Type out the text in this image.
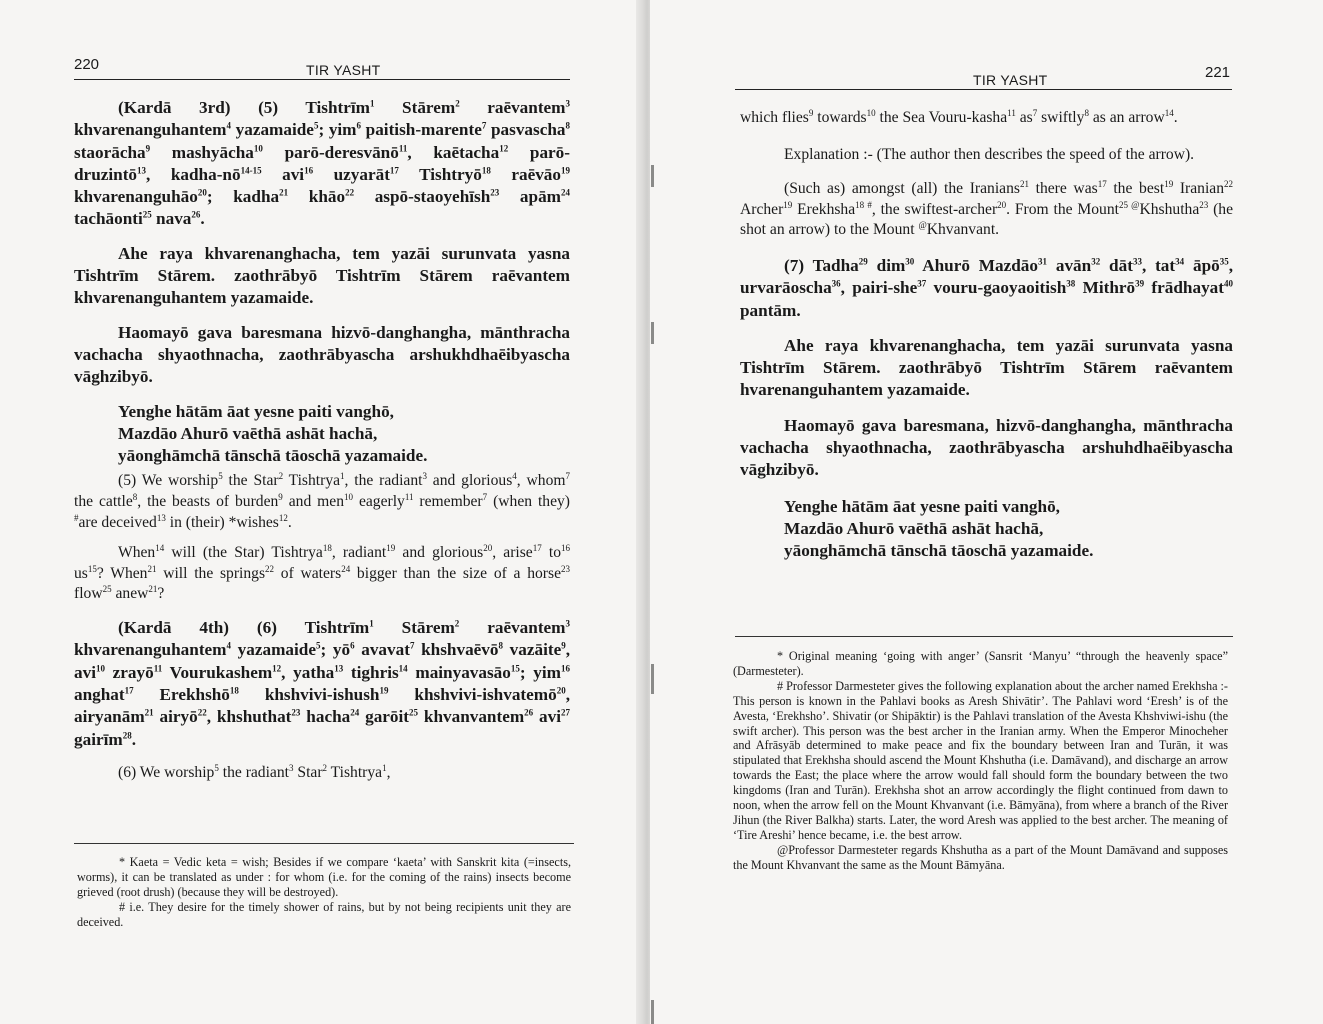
220	TIR YASHT

(Kardā 3rd) (5) Tishtrīm$^1$ Stārem$^2$ raēvantem$^3$ khvarenanguhantem$^4$ yazamaide$^5$; yim$^6$ paitish-marente$^7$ pasvascha$^8$ staorācha$^9$ mashyācha$^{10}$ parō-deresvānō$^{11}$, kaētacha$^{12}$ parō-druzintō$^{13}$, kadha-$nō^{14-15}$ avi$^{16}$ uzyarāt$^{17}$ Tishtryō$^{18}$ raēvāo$^{19}$ khvarenanguhāo$^{20}$; kadha$^{21}$ khāo$^{22}$ aspō-staoyehīsh$^{23}$ apām$^{24}$ tachāonti$^{25}$ nava$^{26}$.

Ahe raya khvarenanghacha, tem yazāi surunvata yasna Tishtrīm Stārem. zaothrābyō Tishtrīm Stārem raēvantem khvarenanguhantem yazamaide.

Haomayō gava baresmana hizvō-danghangha, mānthracha vachacha shyaothnacha, zaothrābyascha arshukhdhaēibyascha vāghzibyō.

Yenghe hātām āat yesne paiti vanghō,
Mazdāo Ahurō vaēthā ashāt hachā,
yāonghāmchā tānschā tāoschā yazamaide.

(5) We worship$^5$ the Star$^2$ Tishtrya$^1$, the radiant$^3$ and glorious$^4$, whom$^7$ the cattle$^8$, the beasts of burden$^9$ and men$^{10}$ eagerly$^{11}$ remember$^7$ (when they) #are deceived$^{13}$ in (their) *wishes$^{12}$.

When$^{14}$ will (the Star) Tishtrya$^{18}$, radiant$^{19}$ and glorious$^{20}$, arise$^{17}$ $to^{16}$ $us^{15}$? When$^{21}$ will the springs$^{22}$ of waters$^{24}$ bigger than the size of a horse$^{23}$ flow$^{25}$ anew$^{21}$?

(Kardā 4th) (6) Tishtrīm$^1$ Stārem$^2$ raēvantem$^3$ khvarenanguhantem$^4$ yazamaide$^5$; $yō^6$ avavat$^7$ khshvaēvō$^8$ vazāite$^9$, avi$^{10}$ zrayō$^{11}$ Vourukashem$^{12}$, yatha$^{13}$ tighris$^{14}$ mainyavasāo$^{15}$; yim$^{16}$ anghat$^{17}$ Erekhshō$^{18}$ khshvivi-ishush$^{19}$ khshvivi-ishvatemō$^{20}$, airyanām$^{21}$ airyō$^{22}$, khshuthat$^{23}$ hacha$^{24}$ garōit$^{25}$ khvanvantem$^{26}$ avi$^{27}$ gairīm$^{28}$.

(6) We worship$^5$ the radiant$^3$ Star$^2$ Tishtrya$^1$,

* Kaeta = Vedic keta = wish; Besides if we compare ‘kaeta’ with Sanskrit kita (=insects, worms), it can be translated as under : for whom (i.e. for the coming of the rains) insects become grieved (root drush) (because they will be destroyed).

# i.e. They desire for the timely shower of rains, but by not being recipients unit they are deceived.

TIR YASHT	221

which flies$^9$ towards$^{10}$ the Sea Vouru-kasha$^{11}$ $as^7$ swiftly$^8$ as an arrow$^{14}$.

Explanation :- (The author then describes the speed of the arrow).

(Such as) amongst (all) the Iranians$^{21}$ there was$^{17}$ the best$^{19}$ Iranian$^{22}$ Archer$^{19}$ Erekhsha$^{18 \#}$, the swiftest-archer$^{20}$. From the Mount$^{25 @}$Khshutha$^{23}$ (he shot an arrow) to the Mount @Khvanvant.

(7) Tadha$^{29}$ dim$^{30}$ Ahurō Mazdāo$^{31}$ avān$^{32}$ dāt$^{33}$, tat$^{34}$ āpō$^{35}$, urvarāoscha$^{36}$, pairi-she$^{37}$ vouru-gaoyaoitish$^{38}$ Mithrō$^{39}$ frādhayat$^{40}$ pantām.

Ahe raya khvarenanghacha, tem yazāi surunvata yasna Tishtrīm Stārem. zaothrābyō Tishtrīm Stārem raēvantem hvarenanguhantem yazamaide.

Haomayō gava baresmana, hizvō-danghangha, mānthracha vachacha shyaothnacha, zaothrābyascha arshuhdhaēibyascha vāghzibyō.

Yenghe hātām āat yesne paiti vanghō,
Mazdāo Ahurō vaēthā ashāt hachā,
yāonghāmchā tānschā tāoschā yazamaide.

* Original meaning ‘going with anger’ (Sansrit ‘Manyu’ “through the heavenly space” (Darmesteter).

# Professor Darmesteter gives the following explanation about the archer named Erekhsha :- This person is known in the Pahlavi books as Aresh Shivātir’. The Pahlavi word ‘Eresh’ is of the Avesta, ‘Erekhsho’. Shivatir (or Shipāktir) is the Pahlavi translation of the Avesta Khshviwi-ishu (the swift archer). This person was the best archer in the Iranian army. When the Emperor Minocheher and Afrāsyāb determined to make peace and fix the boundary between Iran and Turān, it was stipulated that Erekhsha should ascend the Mount Khshutha (i.e. Damāvand), and discharge an arrow towards the East; the place where the arrow would fall should form the boundary between the two kingdoms (Iran and Turān). Erekhsha shot an arrow accordingly the flight continued from dawn to noon, when the arrow fell on the Mount Khvanvant (i.e. Bāmyāna), from where a branch of the River Jihun (the River Balkha) starts. Later, the word Aresh was applied to the best archer. The meaning of ‘Tire Areshi’ hence became, i.e. the best arrow.

@Professor Darmesteter regards Khshutha as a part of the Mount Damāvand and supposes the Mount Khvanvant the same as the Mount Bāmyāna.
